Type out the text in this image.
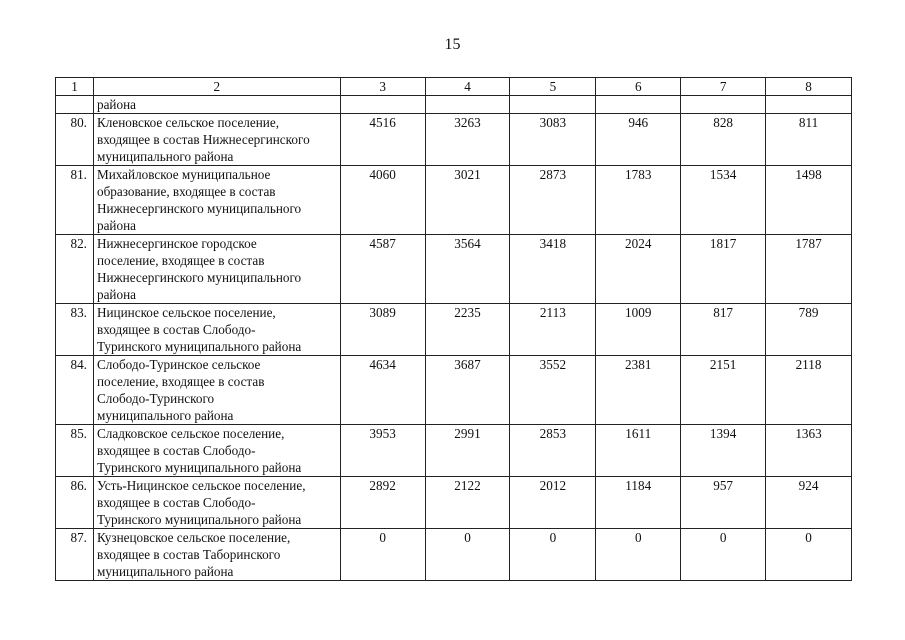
15
1	2	3	4	5	6	7	8
	района						
80.	Кленовское сельское поселение,
входящее в состав Нижнесергинского
муниципального района	4516	3263	3083	946	828	811
81.	Михайловское муниципальное
образование, входящее в состав
Нижнесергинского муниципального
района	4060	3021	2873	1783	1534	1498
82.	Нижнесергинское городское
поселение, входящее в состав
Нижнесергинского муниципального
района	4587	3564	3418	2024	1817	1787
83.	Ницинское сельское поселение,
входящее в состав Слободо-
Туринского муниципального района	3089	2235	2113	1009	817	789
84.	Слободо-Туринское сельское
поселение, входящее в состав
Слободо-Туринского
муниципального района	4634	3687	3552	2381	2151	2118
85.	Сладковское сельское поселение,
входящее в состав Слободо-
Туринского муниципального района	3953	2991	2853	1611	1394	1363
86.	Усть-Ницинское сельское поселение,
входящее в состав Слободо-
Туринского муниципального района	2892	2122	2012	1184	957	924
87.	Кузнецовское сельское поселение,
входящее в состав Таборинского
муниципального района	0	0	0	0	0	0
